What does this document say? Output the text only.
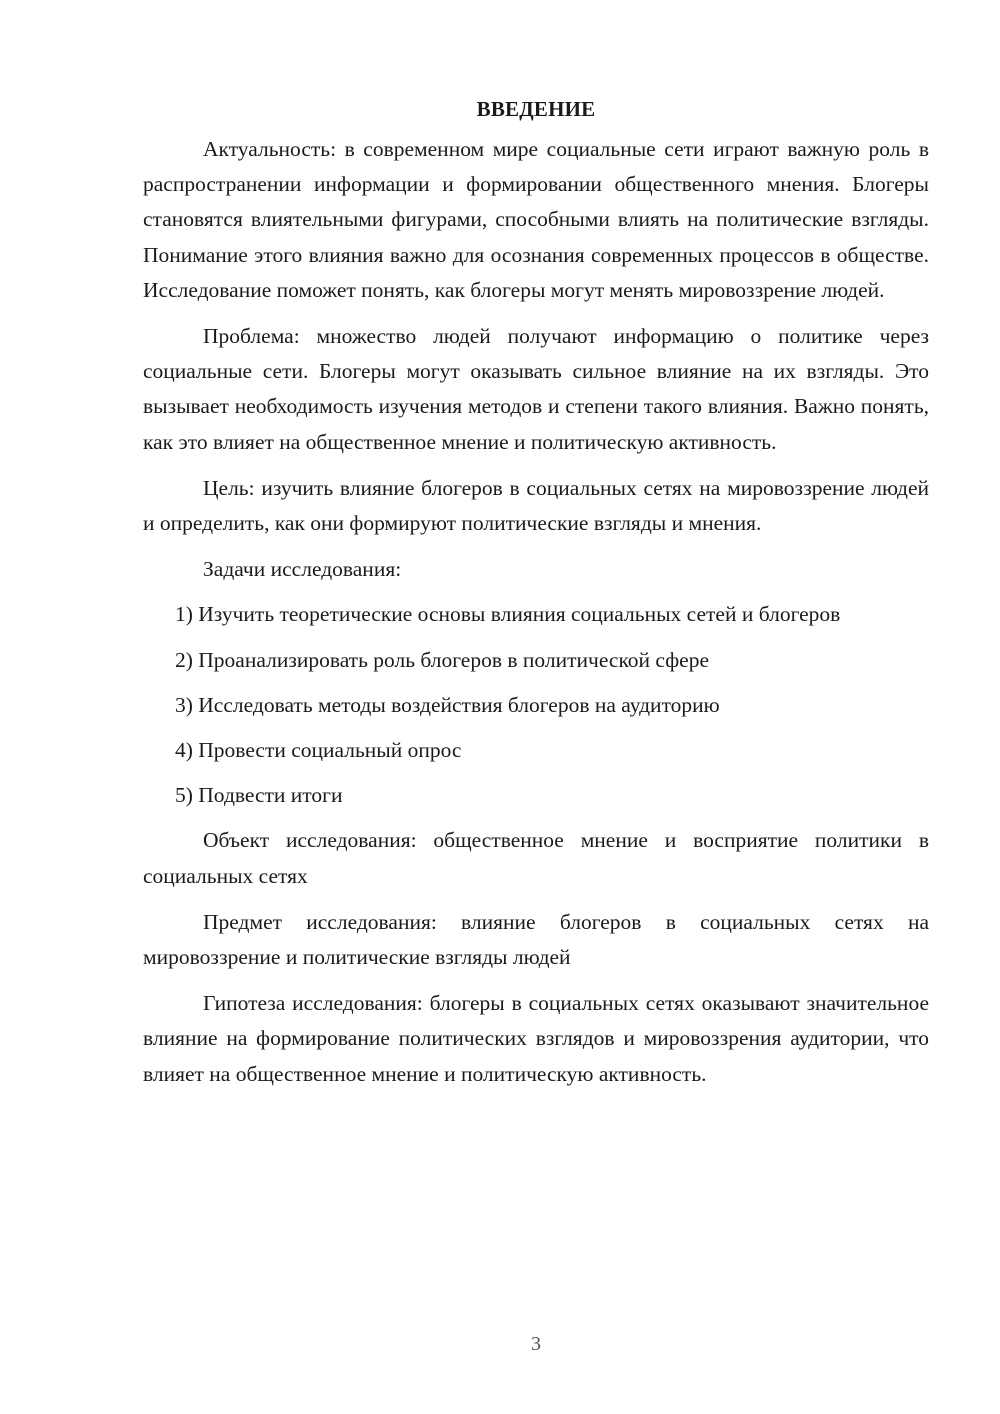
ВВЕДЕНИЕ

Актуальность: в современном мире социальные сети играют важную роль в распространении информации и формировании общественного мнения. Блогеры становятся влиятельными фигурами, способными влиять на политические взгляды. Понимание этого влияния важно для осознания современных процессов в обществе. Исследование поможет понять, как блогеры могут менять мировоззрение людей.

Проблема: множество людей получают информацию о политике через социальные сети. Блогеры могут оказывать сильное влияние на их взгляды. Это вызывает необходимость изучения методов и степени такого влияния. Важно понять, как это влияет на общественное мнение и политическую активность.

Цель: изучить влияние блогеров в социальных сетях на мировоззрение людей и определить, как они формируют политические взгляды и мнения.

Задачи исследования:

1) Изучить теоретические основы влияния социальных сетей и блогеров

2) Проанализировать роль блогеров в политической сфере

3) Исследовать методы воздействия блогеров на аудиторию

4) Провести социальный опрос

5) Подвести итоги

Объект исследования: общественное мнение и восприятие политики в социальных сетях

Предмет исследования: влияние блогеров в социальных сетях на мировоззрение и политические взгляды людей

Гипотеза исследования: блогеры в социальных сетях оказывают значительное влияние на формирование политических взглядов и мировоззрения аудитории, что влияет на общественное мнение и политическую активность.

3
